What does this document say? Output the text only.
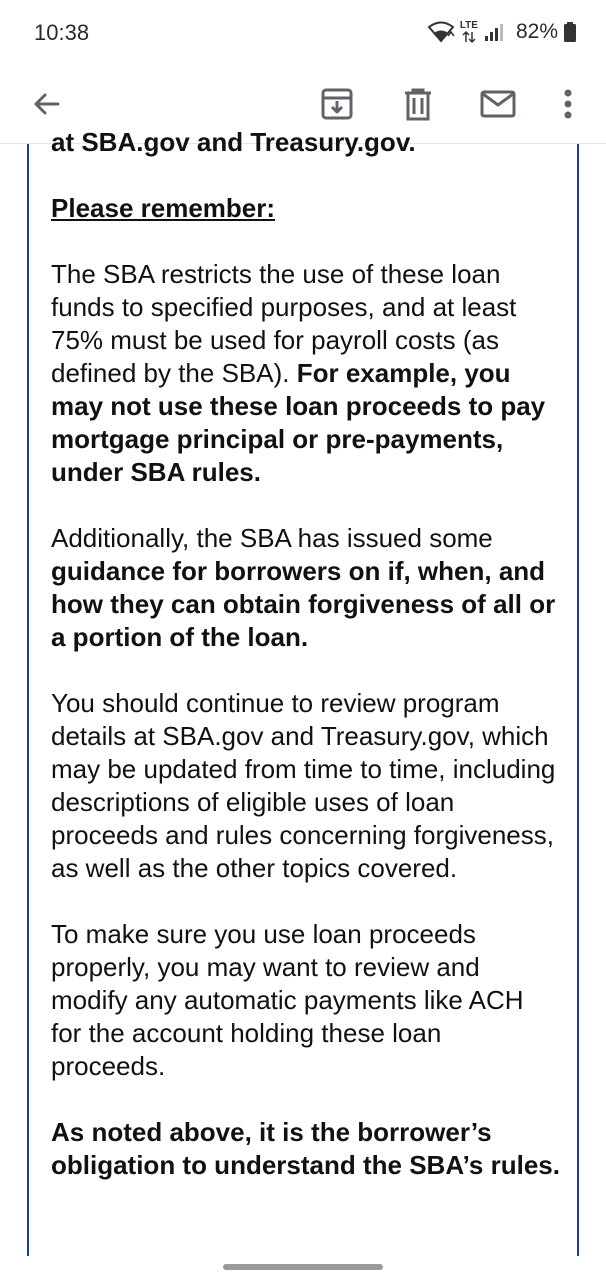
10:38	LTE 82%

at SBA.gov and Treasury.gov.

Please remember:

The SBA restricts the use of these loan funds to specified purposes, and at least 75% must be used for payroll costs (as defined by the SBA). For example, you may not use these loan proceeds to pay mortgage principal or pre-payments, under SBA rules.

Additionally, the SBA has issued some guidance for borrowers on if, when, and how they can obtain forgiveness of all or a portion of the loan.

You should continue to review program details at SBA.gov and Treasury.gov, which may be updated from time to time, including descriptions of eligible uses of loan proceeds and rules concerning forgiveness, as well as the other topics covered.

To make sure you use loan proceeds properly, you may want to review and modify any automatic payments like ACH for the account holding these loan proceeds.

As noted above, it is the borrower’s obligation to understand the SBA’s rules.
